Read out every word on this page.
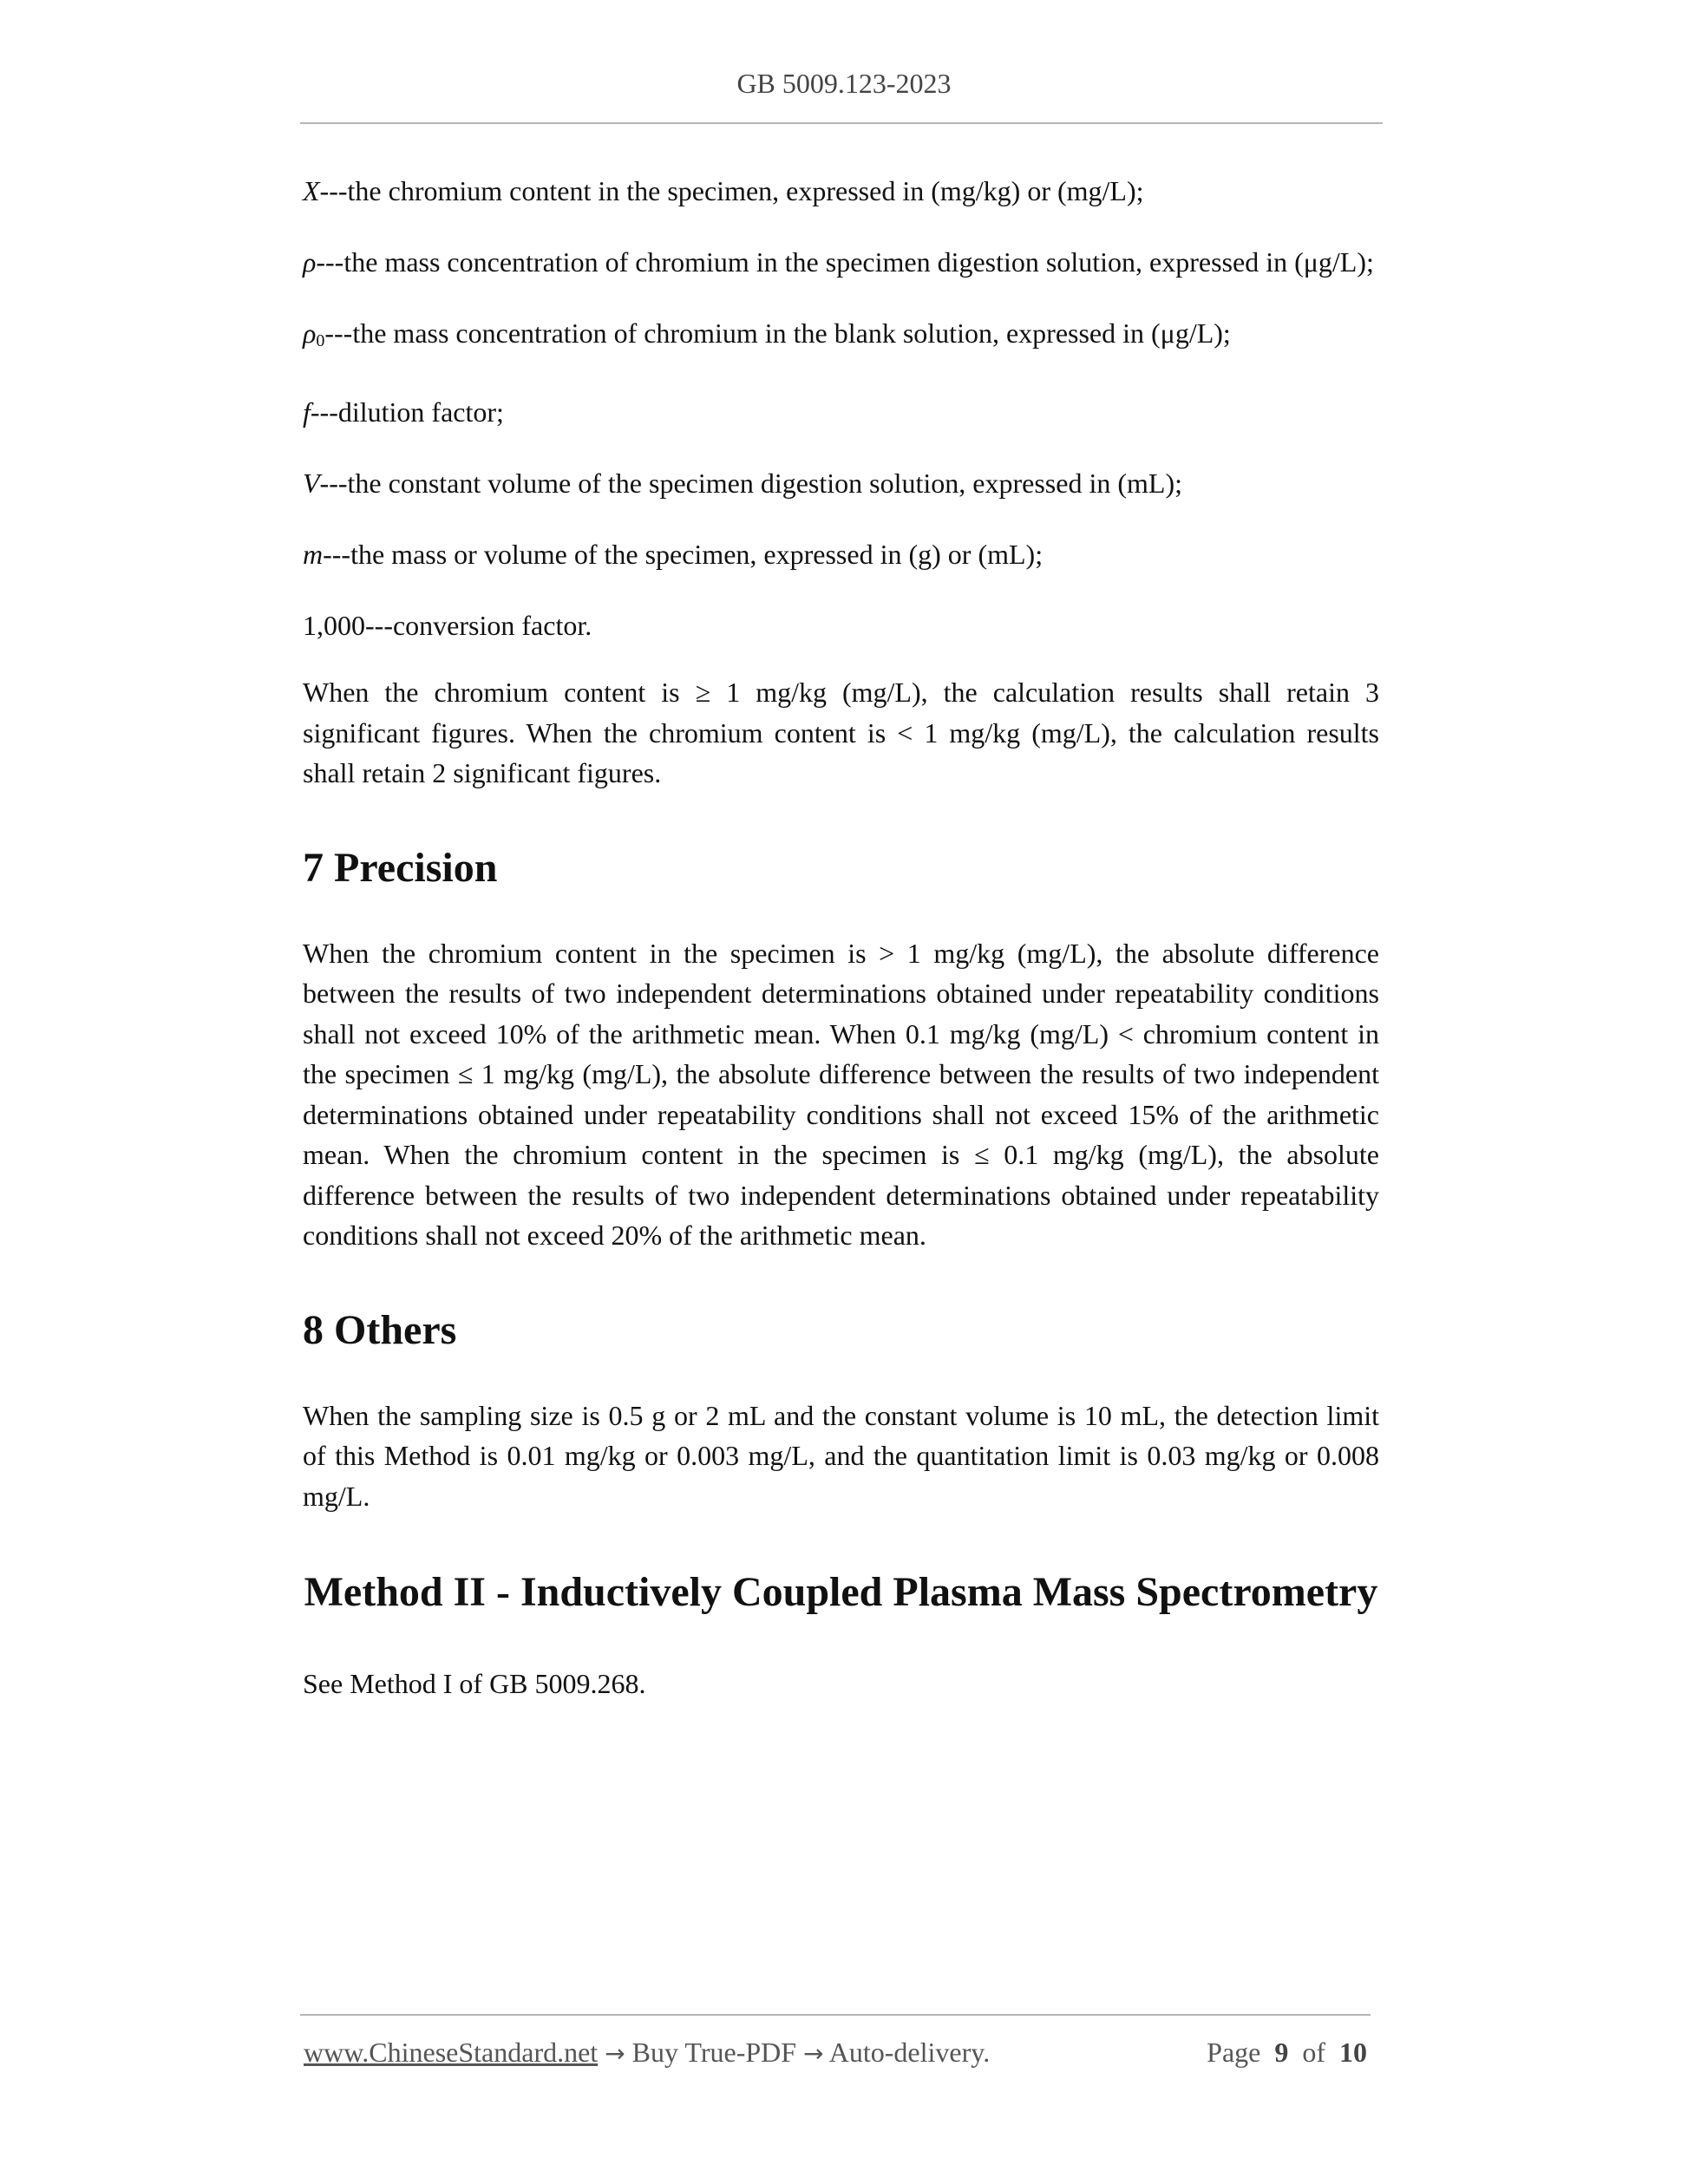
GB 5009.123-2023

X---the chromium content in the specimen, expressed in (mg/kg) or (mg/L);

ρ---the mass concentration of chromium in the specimen digestion solution, expressed in (μg/L);

$\rho_0--$-the mass concentration of chromium in the blank solution, expressed in (μg/L);

f---dilution factor;

V---the constant volume of the specimen digestion solution, expressed in (mL);

m---the mass or volume of the specimen, expressed in (g) or (mL);

1,000---conversion factor.

When the chromium content is ≥ 1 mg/kg (mg/L), the calculation results shall retain 3 significant figures. When the chromium content is < 1 mg/kg (mg/L), the calculation results shall retain 2 significant figures.

7 Precision

When the chromium content in the specimen is > 1 mg/kg (mg/L), the absolute difference between the results of two independent determinations obtained under repeatability conditions shall not exceed 10% of the arithmetic mean. When 0.1 mg/kg (mg/L) < chromium content in the specimen ≤ 1 mg/kg (mg/L), the absolute difference between the results of two independent determinations obtained under repeatability conditions shall not exceed 15% of the arithmetic mean. When the chromium content in the specimen is ≤ 0.1 mg/kg (mg/L), the absolute difference between the results of two independent determinations obtained under repeatability conditions shall not exceed 20% of the arithmetic mean.

8 Others

When the sampling size is 0.5 g or 2 mL and the constant volume is 10 mL, the detection limit of this Method is 0.01 mg/kg or 0.003 mg/L, and the quantitation limit is 0.03 mg/kg or 0.008 mg/L.

Method II - Inductively Coupled Plasma Mass Spectrometry

See Method I of GB 5009.268.

www.ChineseStandard.net → Buy True-PDF → Auto-delivery.	Page 9 of 10
